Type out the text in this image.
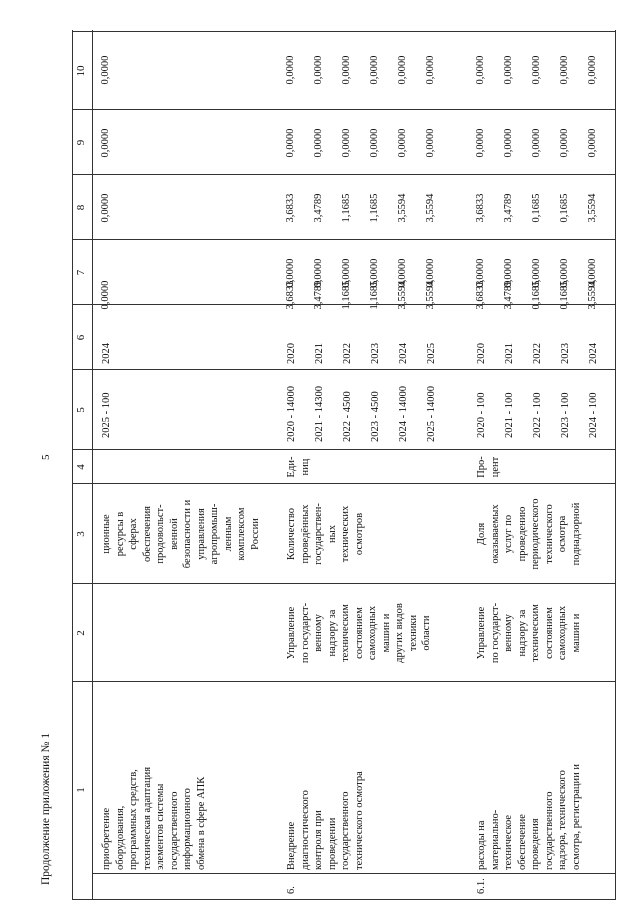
5
Продолжение приложения № 1 1
2
3
4
5
6
7
8
9
10
приобретение оборудования, программных средств, техническая адаптация элементов системы государственного информационного обмена в сфере АПК
ционные ресурсы в сферах обеспечения продовольст- венной безопасности и управления агропромыш- ленным комплексом России
2025 - 100
2024
0,0000
0,0000
0,0000
0,0000
6.
Внедрение диагностического контроля при проведении государственного технического осмотра
Управление по государст- венному надзору за техническим состоянием самоходных машин и других видов техники области
Количество проведённых государствен- ных технических осмотров
Еди- ниц
2020 - 14000 2021 - 14300 2022 - 4500 2023 - 4500 2024 - 14000 2025 - 14000
2020 2021 2022 2023 2024 2025
3,6833
0,0000
3,6833
0,0000
0,0000
3,4789
0,0000
3,4789
0,0000
0,0000
1,1685
0,0000
1,1685
0,0000
0,0000
1,1685
0,0000
1,1685
0,0000
0,0000
3,5594
0,0000
3,5594
0,0000
0,0000
3,5594
0,0000
3,5594
0,0000
0,0000
6.1.
расходы на материально- техническое обеспечение проведения государственного надзора, технического осмотра, регистрации и
Управление по государст- венному надзору за техническим состоянием самоходных машин и
Доля оказываемых услуг по проведению периодического технического осмотра поднадзорной
Про- цент
2020 - 100 2021 - 100 2022 - 100 2023 - 100 2024 - 100
2020 2021 2022 2023 2024
3,6833
0,0000
3,6833
0,0000
0,0000
3,4789
0,0000
3,4789
0,0000
0,0000
0,1685
0,0000
0,1685
0,0000
0,0000
0,1685
0,0000
0,1685
0,0000
0,0000
3,5594
0,0000
3,5594
0,0000
0,0000
